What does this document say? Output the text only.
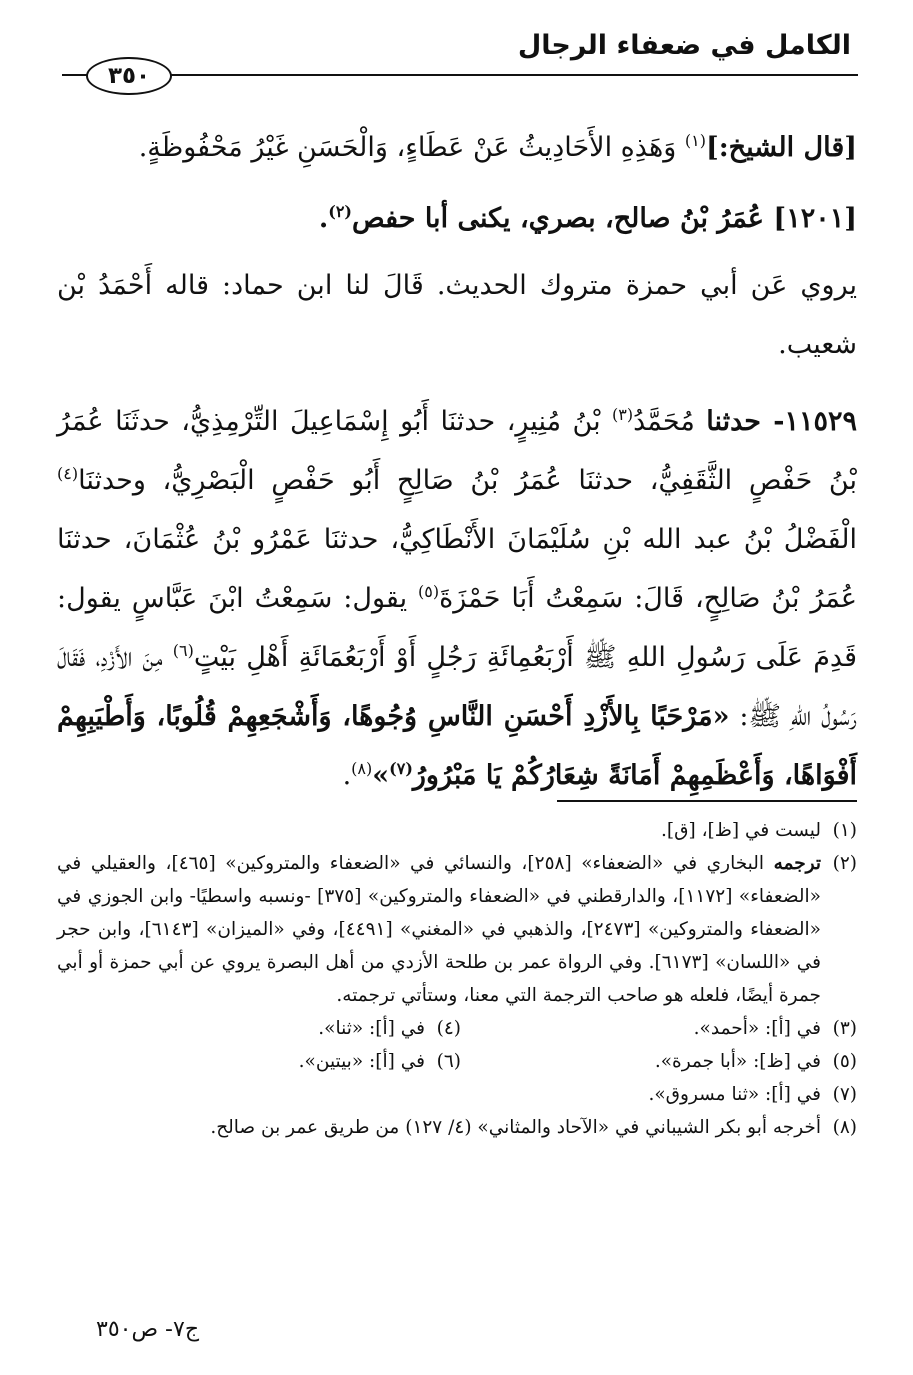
الكامل في ضعفاء الرجال
٣٥٠

[قال الشيخ:]$^{(١)}$ وَهَذِهِ الأَحَادِيثُ عَنْ عَطَاءٍ، وَالْحَسَنِ غَيْرُ مَحْفُوظَةٍ.

[١٢٠١] عُمَرُ بْنُ صالح، بصري، يكنى أبا حفص$^{(٢)}$.

يروي عَن أبي حمزة متروك الحديث. قَالَ لنا ابن حماد: قاله أَحْمَدُ بْن شعيب.

١١٥٢٩- حدثنا مُحَمَّدُ$^{(٣)}$ بْنُ مُنِيرٍ، حدثنَا أَبُو إِسْمَاعِيلَ التِّرْمِذِيُّ، حدثَنَا عُمَرُ بْنُ حَفْصٍ الثَّقَفِيُّ، حدثنَا عُمَرُ بْنُ صَالِحٍ أَبُو حَفْصٍ الْبَصْرِيُّ، وحدثنَا$^{(٤)}$ الْفَضْلُ بْنُ عبد الله بْنِ سُلَيْمَانَ الأَنْطَاكِيُّ، حدثنَا عَمْرُو بْنُ عُثْمَانَ، حدثنَا عُمَرُ بْنُ صَالِحٍ، قَالَ: سَمِعْتُ أَبَا حَمْزَةَ$^{(٥)}$ يقول: سَمِعْتُ ابْنَ عَبَّاسٍ يقول: قَدِمَ عَلَى رَسُولِ اللهِ ﷺ أَرْبَعُمِائَةِ رَجُلٍ أَوْ أَرْبَعُمَائَةِ أَهْلِ بَيْتٍ$^{(٦)}$ مِنَ الأَزْدِ، فَقَالَ رَسُولُ اللهِ ﷺ: «مَرْحَبًا بِالأَزْدِ أَحْسَنِ النَّاسِ وُجُوهًا، وَأَشْجَعِهِمْ قُلُوبًا، وَأَطْيَبِهِمْ أَفْوَاهًا، وَأَعْظَمِهِمْ أَمَانَةً شِعَارُكُمْ يَا مَبْرُورُ$^{(٧)}$»$^{(٨)}$.

(١)
ليست في [ظ]، [ق].
(٢)
ترجمه البخاري في «الضعفاء» [٢٥٨]، والنسائي في «الضعفاء والمتروكين» [٤٦٥]، والعقيلي في «الضعفاء» [١١٧٢]، والدارقطني في «الضعفاء والمتروكين» [٣٧٥] -ونسبه واسطيًا- وابن الجوزي في «الضعفاء والمتروكين» [٢٤٧٣]، والذهبي في «المغني» [٤٤٩١]، وفي «الميزان» [٦١٤٣]، وابن حجر في «اللسان» [٦١٧٣]. وفي الرواة عمر بن طلحة الأزدي من أهل البصرة يروي عن أبي حمزة أو أبي جمرة أيضًا، فلعله هو صاحب الترجمة التي معنا، وستأتي ترجمته.
(٣)
في [أ]: «أحمد».
(٤)
في [أ]: «ثنا».
(٥)
في [ظ]: «أبا جمرة».
(٦)
في [أ]: «بيتين».
(٧)
في [أ]: «ثنا مسروق».
(٨)
أخرجه أبو بكر الشيباني في «الآحاد والمثاني» (٤/ ١٢٧) من طريق عمر بن صالح.
ج٧- ص٣٥٠
